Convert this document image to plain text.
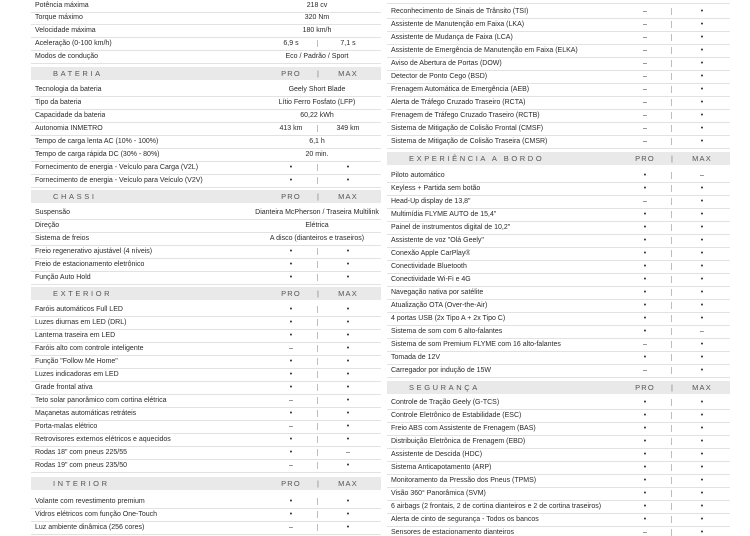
Potência máxima	218 cv
Torque máximo	320 Nm
Velocidade máxima	180 km/h
Aceleração (0-100 km/h)	6,9 s	7,1 s
Modos de condução	Eco / Padrão / Sport
BATERIA	PRO	|	MAX
Tecnologia da bateria	Geely Short Blade
Tipo da bateria	Lítio Ferro Fosfato (LFP)
Capacidade da bateria	60,22 kWh
Autonomia INMETRO	413 km	349 km
Tempo de carga lenta AC (10% - 100%)	6,1 h
Tempo de carga rápida DC (30% - 80%)	20 min.
Fornecimento de energia - Veículo para Carga (V2L)	•	•
Fornecimento de energia - Veículo para Veículo (V2V)	•	•
CHASSI	PRO	|	MAX
Suspensão	Dianteira McPherson / Traseira Multilink
Direção	Elétrica
Sistema de freios	A disco (dianteiros e traseiros)
Freio regenerativo ajustável (4 níveis)	•	•
Freio de estacionamento eletrônico	•	•
Função Auto Hold	•	•
EXTERIOR	PRO	|	MAX
Faróis automáticos Full LED	•	•
Luzes diurnas em LED (DRL)	•	•
Lanterna traseira em LED	•	•
Faróis alto com controle inteligente	–	•
Função "Follow Me Home"	•	•
Luzes indicadoras em LED	•	•
Grade frontal ativa	•	•
Teto solar panorâmico com cortina elétrica	–	•
Maçanetas automáticas retráteis	•	•
Porta-malas elétrico	–	•
Retrovisores externos elétricos e aquecidos	•	•
Rodas 18" com pneus 225/55	•	–
Rodas 19" com pneus 235/50	–	•
INTERIOR	PRO	|	MAX
Volante com revestimento premium	•	•
Vidros elétricos com função One-Touch	•	•
Luz ambiente dinâmica (256 cores)	–	•
Reconhecimento de Sinais de Trânsito (TSI)	–	•
Assistente de Manutenção em Faixa (LKA)	–	•
Assistente de Mudança de Faixa (LCA)	–	•
Assistente de Emergência de Manutenção em Faixa (ELKA)	–	•
Aviso de Abertura de Portas (DOW)	–	•
Detector de Ponto Cego (BSD)	–	•
Frenagem Automática de Emergência (AEB)	–	•
Alerta de Tráfego Cruzado Traseiro (RCTA)	–	•
Frenagem de Tráfego Cruzado Traseiro (RCTB)	–	•
Sistema de Mitigação de Colisão Frontal (CMSF)	–	•
Sistema de Mitigação de Colisão Traseira (CMSR)	–	•
EXPERIÊNCIA A BORDO	PRO	|	MAX
Piloto automático	•	–
Keyless + Partida sem botão	•	•
Head-Up display de 13,8"	–	•
Multimídia FLYME AUTO de 15,4"	•	•
Painel de instrumentos digital de 10,2"	•	•
Assistente de voz "Olá Geely"	•	•
Conexão Apple CarPlay®	•	•
Conectividade Bluetooth	•	•
Conectividade Wi-Fi e 4G	•	•
Navegação nativa por satélite	•	•
Atualização OTA (Over-the-Air)	•	•
4 portas USB (2x Tipo A + 2x Tipo C)	•	•
Sistema de som com 6 alto-falantes	•	–
Sistema de som Premium FLYME com 16 alto-falantes	–	•
Tomada de 12V	•	•
Carregador por indução de 15W	–	•
SEGURANÇA	PRO	|	MAX
Controle de Tração Geely (G-TCS)	•	•
Controle Eletrônico de Estabilidade (ESC)	•	•
Freio ABS com Assistente de Frenagem (BAS)	•	•
Distribuição Eletrônica de Frenagem (EBD)	•	•
Assistente de Descida (HDC)	•	•
Sistema Anticapotamento (ARP)	•	•
Monitoramento da Pressão dos Pneus (TPMS)	•	•
Visão 360° Panorâmica (SVM)	•	•
6 airbags (2 frontais, 2 de cortina dianteiros e 2 de cortina traseiros)	•	•
Alerta de cinto de segurança - Todos os bancos	•	•
Sensores de estacionamento dianteiros	–	•
